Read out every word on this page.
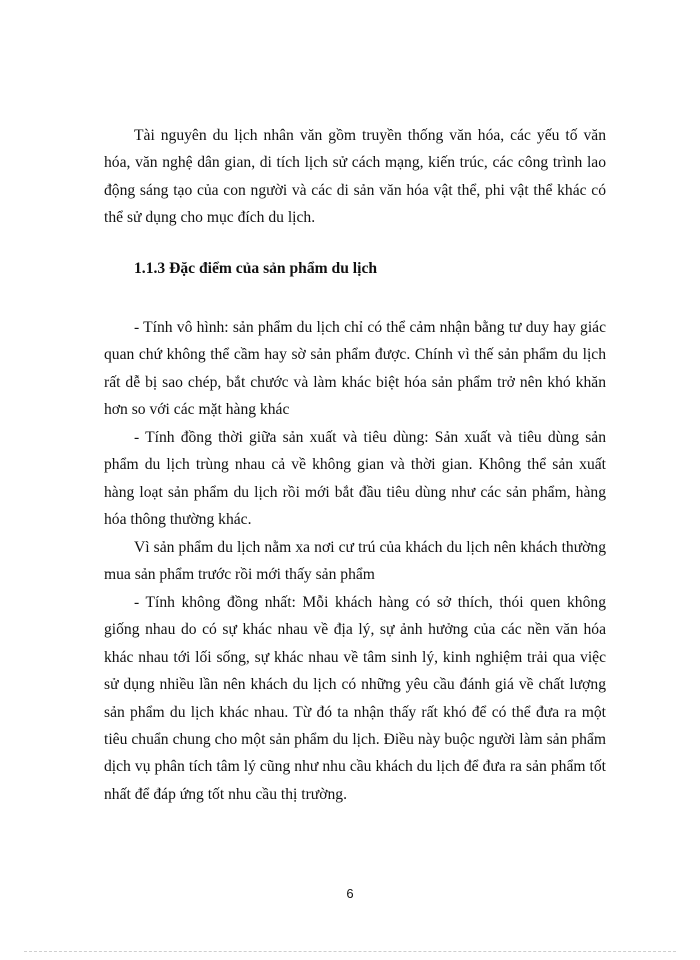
Tài nguyên du lịch nhân văn gồm truyền thống văn hóa, các yếu tố văn hóa, văn nghệ dân gian, di tích lịch sử cách mạng, kiến trúc, các công trình lao động sáng tạo của con người và các di sản văn hóa vật thể, phi vật thể khác có thể sử dụng cho mục đích du lịch.

1.1.3 Đặc điểm của sản phẩm du lịch

- Tính vô hình: sản phẩm du lịch chỉ có thể cảm nhận bằng tư duy hay giác quan chứ không thể cầm hay sờ sản phẩm được. Chính vì thế sản phẩm du lịch rất dễ bị sao chép, bắt chước và làm khác biệt hóa sản phẩm trở nên khó khăn hơn so với các mặt hàng khác

- Tính đồng thời giữa sản xuất và tiêu dùng: Sản xuất và tiêu dùng sản phẩm du lịch trùng nhau cả về không gian và thời gian. Không thể sản xuất hàng loạt sản phẩm du lịch rồi mới bắt đầu tiêu dùng như các sản phẩm, hàng hóa thông thường khác.

Vì sản phẩm du lịch nằm xa nơi cư trú của khách du lịch nên khách thường mua sản phẩm trước rồi mới thấy sản phẩm

- Tính không đồng nhất: Mỗi khách hàng có sở thích, thói quen không giống nhau do có sự khác nhau về địa lý, sự ảnh hưởng của các nền văn hóa khác nhau tới lối sống, sự khác nhau về tâm sinh lý, kinh nghiệm trải qua việc sử dụng nhiều lần nên khách du lịch có những yêu cầu đánh giá về chất lượng sản phẩm du lịch khác nhau. Từ đó ta nhận thấy rất khó để có thể đưa ra một tiêu chuẩn chung cho một sản phẩm du lịch. Điều này buộc người làm sản phẩm dịch vụ phân tích tâm lý cũng như nhu cầu khách du lịch để đưa ra sản phẩm tốt nhất để đáp ứng tốt nhu cầu thị trường.

6
